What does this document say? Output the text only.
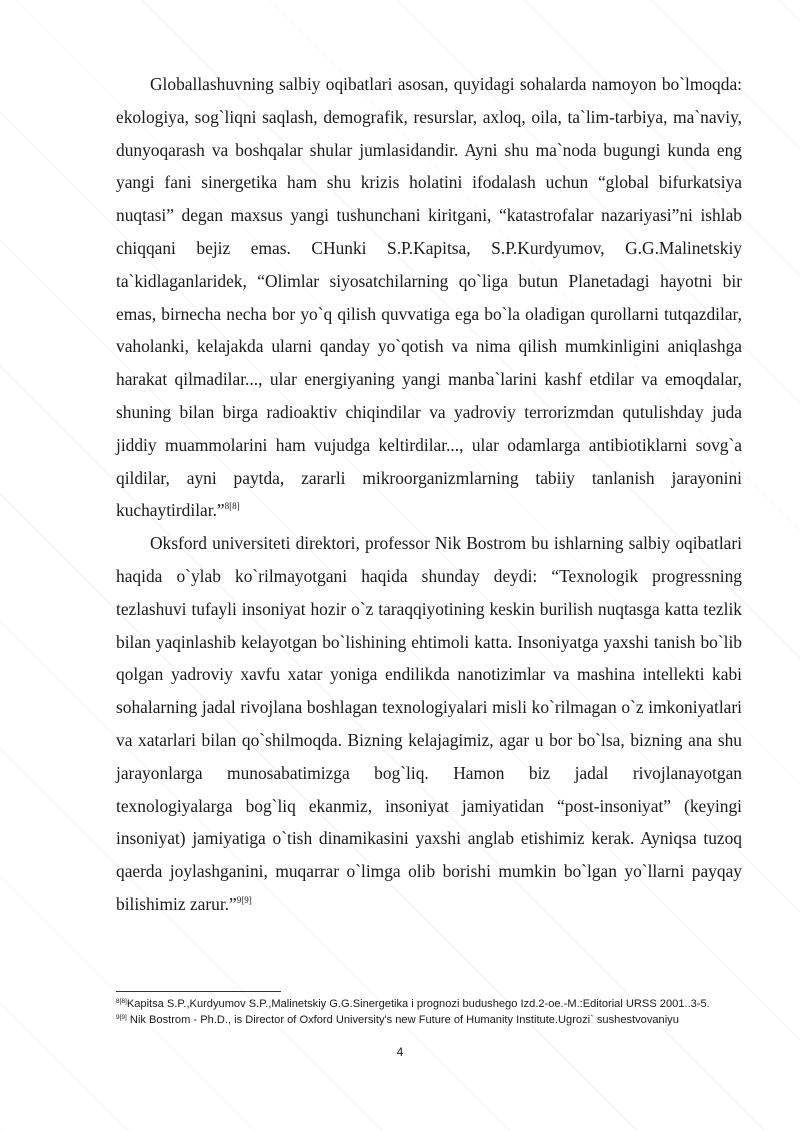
Globallashuvning salbiy oqibatlari asosan, quyidagi sohalarda namoyon bo`lmoqda: ekologiya, sog`liqni saqlash, demografik, resurslar, axloq, oila, ta`lim-tarbiya, ma`naviy, dunyoqarash va boshqalar shular jumlasidandir. Ayni shu ma`noda bugungi kunda eng yangi fani sinergetika ham shu krizis holatini ifodalash uchun “global bifurkatsiya nuqtasi” degan maxsus yangi tushunchani kiritgani, “katastrofalar nazariyasi”ni ishlab chiqqani bejiz emas. CHunki S.P.Kapitsa, S.P.Kurdyumov, G.G.Malinetskiy ta`kidlaganlaridek, “Olimlar siyosatchilarning qo`liga butun Planetadagi hayotni bir emas, birnecha necha bor yo`q qilish quvvatiga ega bo`la oladigan qurollarni tutqazdilar, vaholanki, kelajakda ularni qanday yo`qotish va nima qilish mumkinligini aniqlashga harakat qilmadilar..., ular energiyaning yangi manba`larini kashf etdilar va emoqdalar, shuning bilan birga radioaktiv chiqindilar va yadroviy terrorizmdan qutulishday juda jiddiy muammolarini ham vujudga keltirdilar..., ular odamlarga antibiotiklarni sovg`a qildilar, ayni paytda, zararli mikroorganizmlarning tabiiy tanlanish jarayonini kuchaytirdilar.”$^{8[8]}$

Oksford universiteti direktori, professor Nik Bostrom bu ishlarning salbiy oqibatlari haqida o`ylab ko`rilmayotgani haqida shunday deydi: “Texnologik progressning tezlashuvi tufayli insoniyat hozir o`z taraqqiyotining keskin burilish nuqtasga katta tezlik bilan yaqinlashib kelayotgan bo`lishining ehtimoli katta. Insoniyatga yaxshi tanish bo`lib qolgan yadroviy xavfu xatar yoniga endilikda nanotizimlar va mashina intellekti kabi sohalarning jadal rivojlana boshlagan texnologiyalari misli ko`rilmagan o`z imkoniyatlari va xatarlari bilan qo`shilmoqda. Bizning kelajagimiz, agar u bor bo`lsa, bizning ana shu jarayonlarga munosabatimizga bog`liq. Hamon biz jadal rivojlanayotgan texnologiyalarga bog`liq ekanmiz, insoniyat jamiyatidan “post-insoniyat” (keyingi insoniyat) jamiyatiga o`tish dinamikasini yaxshi anglab etishimiz kerak. Ayniqsa tuzoq qaerda joylashganini, muqarrar o`limga olib borishi mumkin bo`lgan yo`llarni payqay bilishimiz zarur.”$^{9[9]}$

$^{8[8]}$Kapitsa S.P.,Kurdyumov S.P.,Malinetskiy G.G.Sinergetika i prognozi budushego Izd.2-oe.-M.:Editorial URSS 2001..3-5.

$^{9[9]}$ Nik Bostrom - Ph.D., is Director of Oxford University's new Future of Humanity Institute.Ugrozi` sushestvovaniyu

4
